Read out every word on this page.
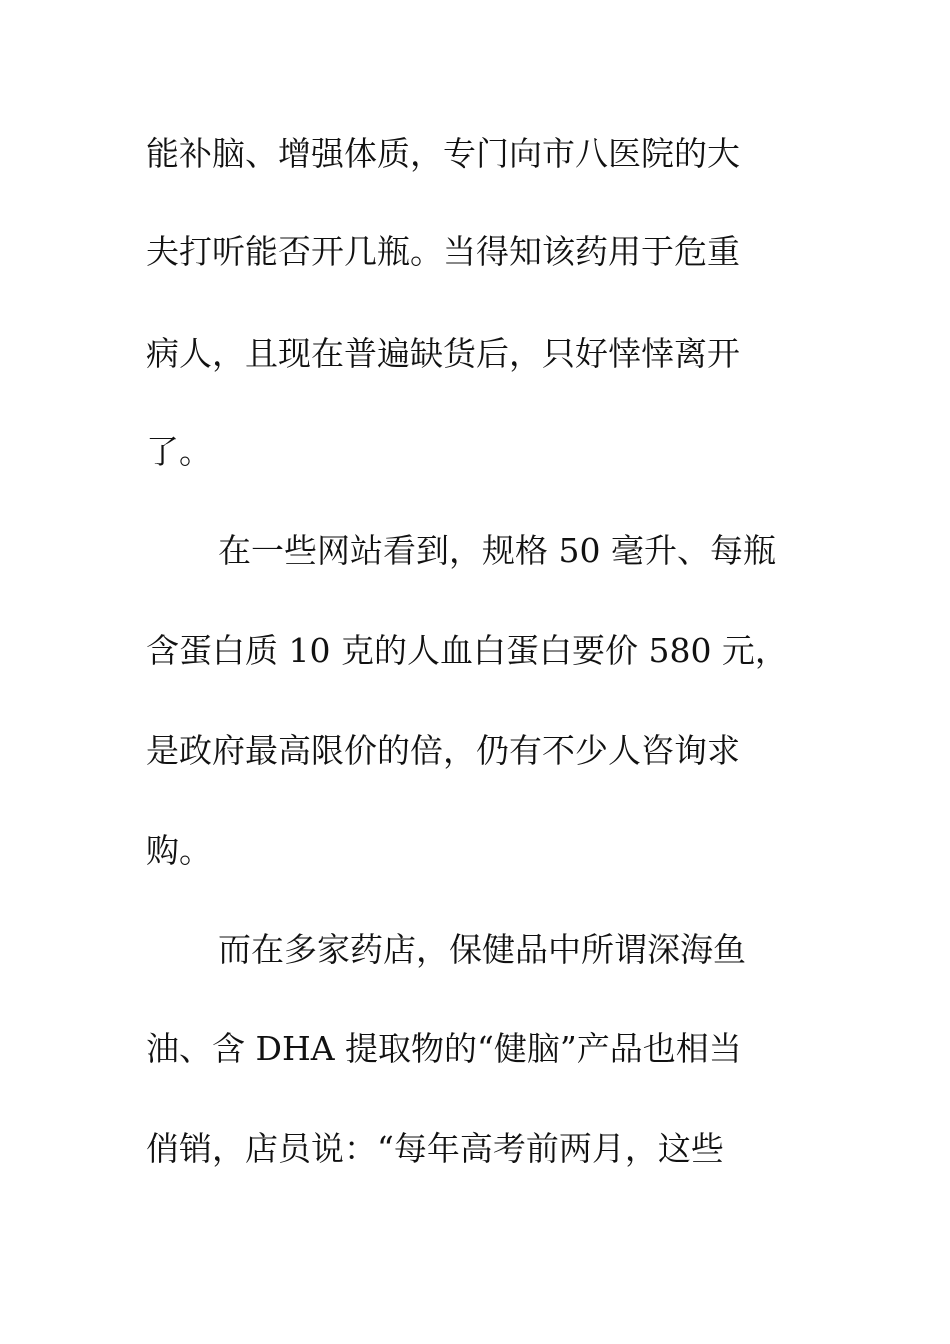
能补脑、增强体质，专门向市八医院的大
夫打听能否开几瓶。当得知该药用于危重
病人，且现在普遍缺货后，只好悻悻离开
了。
在一些网站看到，规格 50 毫升、每瓶
含蛋白质 10 克的人血白蛋白要价 580 元，
是政府最高限价的倍，仍有不少人咨询求
购。
而在多家药店，保健品中所谓深海鱼
油、含 DHA 提取物的“健脑”产品也相当
俏销，店员说：“每年高考前两月，这些
